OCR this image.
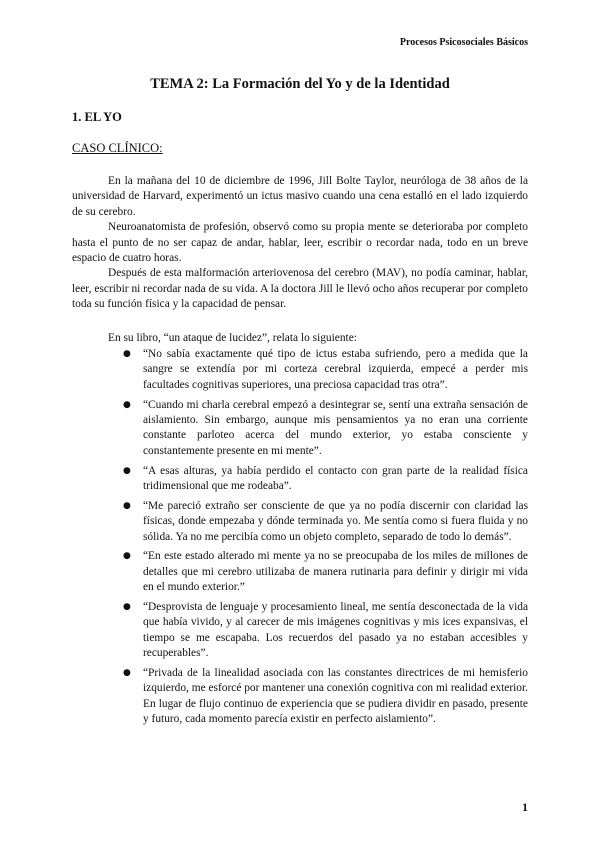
Procesos Psicosociales Básicos
TEMA 2: La Formación del Yo y de la Identidad
1. EL YO
CASO CLÍNICO:

En la mañana del 10 de diciembre de 1996, Jill Bolte Taylor, neuróloga de 38 años de la universidad de Harvard, experimentó un ictus masivo cuando una cena estalló en el lado izquierdo de su cerebro.

Neuroanatomista de profesión, observó como su propia mente se deterioraba por completo hasta el punto de no ser capaz de andar, hablar, leer, escribir o recordar nada, todo en un breve espacio de cuatro horas.

Después de esta malformación arteriovenosa del cerebro (MAV), no podía caminar, hablar, leer, escribir ni recordar nada de su vida. A la doctora Jill le llevó ocho años recuperar por completo toda su función física y la capacidad de pensar.

En su libro, “un ataque de lucidez”, relata lo siguiente:
● “No sabía exactamente qué tipo de ictus estaba sufriendo, pero a medida que la sangre se extendía por mi corteza cerebral izquierda, empecé a perder mis facultades cognitivas superiores, una preciosa capacidad tras otra”.
● “Cuando mi charla cerebral empezó a desintegrar se, sentí una extraña sensación de aislamiento. Sin embargo, aunque mis pensamientos ya no eran una corriente constante parloteo acerca del mundo exterior, yo estaba consciente y constantemente presente en mi mente”.
● “A esas alturas, ya había perdido el contacto con gran parte de la realidad física tridimensional que me rodeaba”.
● “Me pareció extraño ser consciente de que ya no podía discernir con claridad las físicas, donde empezaba y dónde terminada yo. Me sentía como si fuera fluida y no sólida. Ya no me percibía como un objeto completo, separado de todo lo demás”.
● “En este estado alterado mi mente ya no se preocupaba de los miles de millones de detalles que mi cerebro utilizaba de manera rutinaria para definir y dirigir mi vida en el mundo exterior.”
● “Desprovista de lenguaje y procesamiento lineal, me sentía desconectada de la vida que había vivido, y al carecer de mis imágenes cognitivas y mis ices expansivas, el tiempo se me escapaba. Los recuerdos del pasado ya no estaban accesibles y recuperables”.
● “Privada de la linealidad asociada con las constantes directrices de mi hemisferio izquierdo, me esforcé por mantener una conexión cognitiva con mi realidad exterior. En lugar de flujo continuo de experiencia que se pudiera dividir en pasado, presente y futuro, cada momento parecía existir en perfecto aislamiento”.
1
